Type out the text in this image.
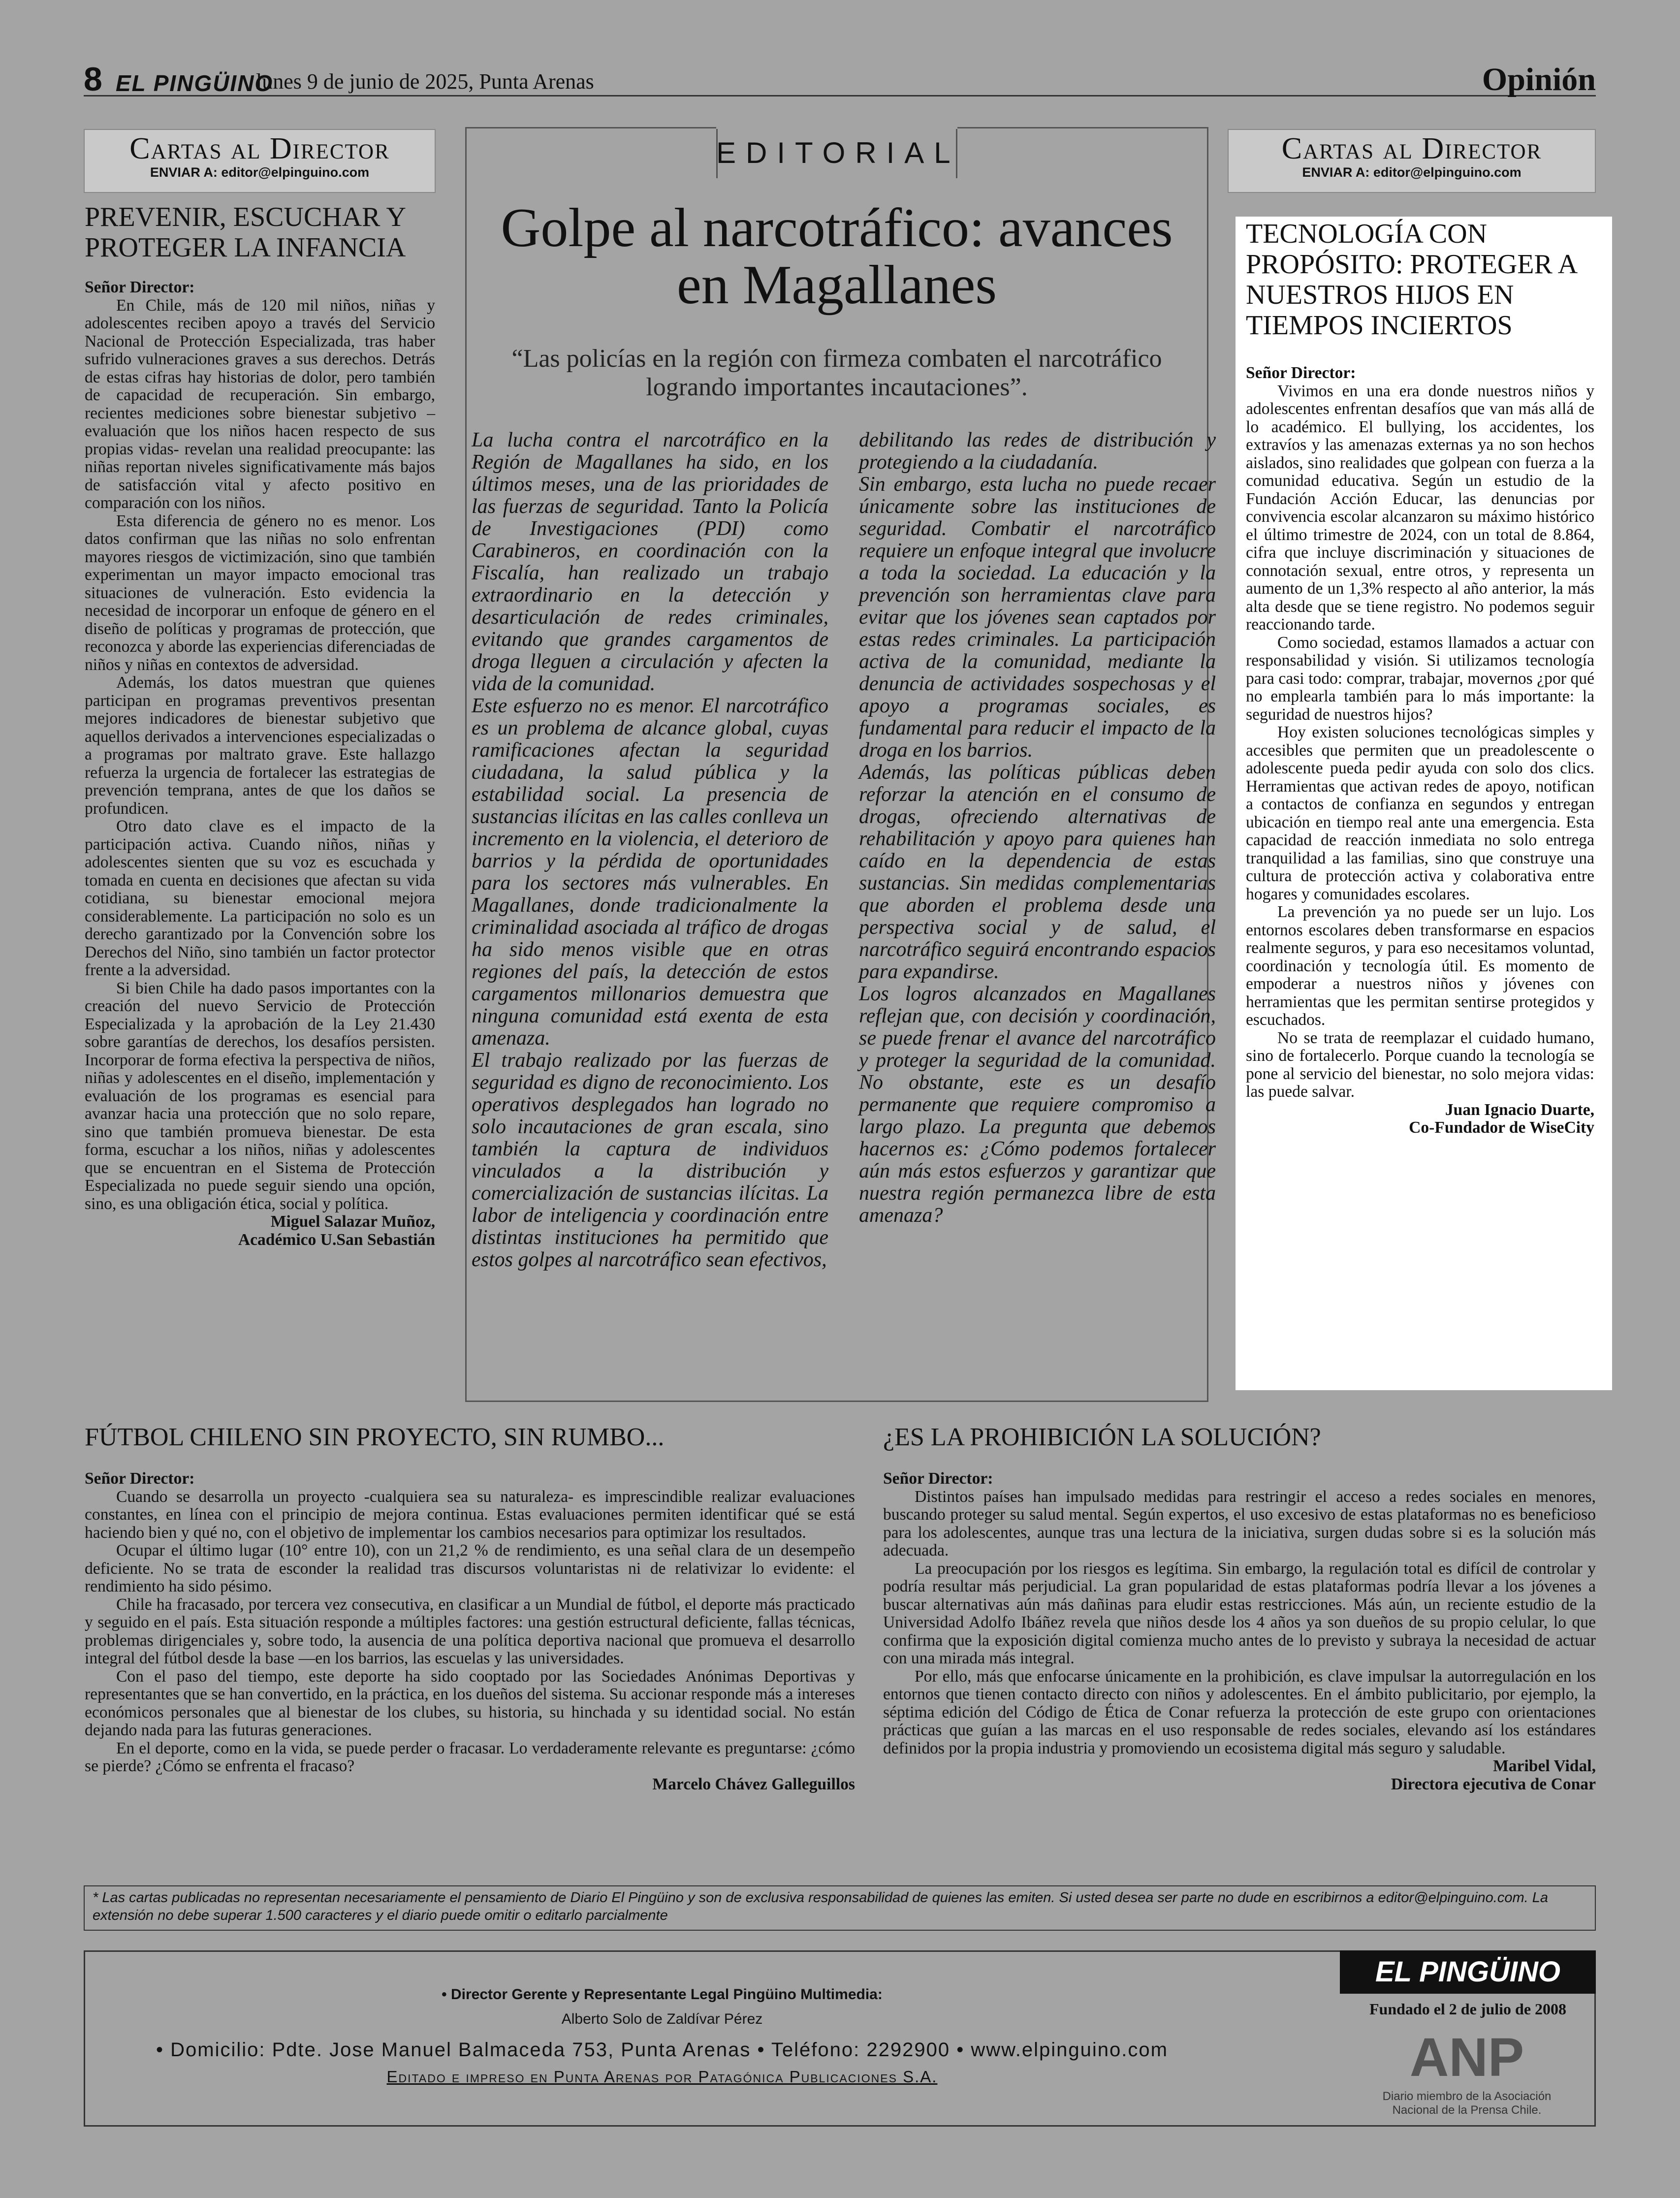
8 EL PINGÜINO
lunes 9 de junio de 2025, Punta Arenas	Opinión
Cartas al Director
ENVIAR A: editor@elpinguino.com
PREVENIR, ESCUCHAR Y PROTEGER LA INFANCIA

Señor Director:

En Chile, más de 120 mil niños, niñas y adolescentes reciben apoyo a través del Servicio Nacional de Protección Especializada, tras haber sufrido vulneraciones graves a sus derechos. Detrás de estas cifras hay historias de dolor, pero también de capacidad de recuperación. Sin embargo, recientes mediciones sobre bienestar subjetivo – evaluación que los niños hacen respecto de sus propias vidas- revelan una realidad preocupante: las niñas reportan niveles significativamente más bajos de satisfacción vital y afecto positivo en comparación con los niños.

Esta diferencia de género no es menor. Los datos confirman que las niñas no solo enfrentan mayores riesgos de victimización, sino que también experimentan un mayor impacto emocional tras situaciones de vulneración. Esto evidencia la necesidad de incorporar un enfoque de género en el diseño de políticas y programas de protección, que reconozca y aborde las experiencias diferenciadas de niños y niñas en contextos de adversidad.

Además, los datos muestran que quienes participan en programas preventivos presentan mejores indicadores de bienestar subjetivo que aquellos derivados a intervenciones especializadas o a programas por maltrato grave. Este hallazgo refuerza la urgencia de fortalecer las estrategias de prevención temprana, antes de que los daños se profundicen.

Otro dato clave es el impacto de la participación activa. Cuando niños, niñas y adolescentes sienten que su voz es escuchada y tomada en cuenta en decisiones que afectan su vida cotidiana, su bienestar emocional mejora considerablemente. La participación no solo es un derecho garantizado por la Convención sobre los Derechos del Niño, sino también un factor protector frente a la adversidad.

Si bien Chile ha dado pasos importantes con la creación del nuevo Servicio de Protección Especializada y la aprobación de la Ley 21.430 sobre garantías de derechos, los desafíos persisten. Incorporar de forma efectiva la perspectiva de niños, niñas y adolescentes en el diseño, implementación y evaluación de los programas es esencial para avanzar hacia una protección que no solo repare, sino que también promueva bienestar. De esta forma, escuchar a los niños, niñas y adolescentes que se encuentran en el Sistema de Protección Especializada no puede seguir siendo una opción, sino, es una obligación ética, social y política.

Miguel Salazar Muñoz,

Académico U.San Sebastián

EDITORIAL
Golpe al narcotráfico: avances en Magallanes
“Las policías en la región con firmeza combaten el narcotráfico logrando importantes incautaciones”.

La lucha contra el narcotráfico en la Región de Magallanes ha sido, en los últimos meses, una de las prioridades de las fuerzas de seguridad. Tanto la Policía de Investigaciones (PDI) como Carabineros, en coordinación con la Fiscalía, han realizado un trabajo extraordinario en la detección y desarticulación de redes criminales, evitando que grandes cargamentos de droga lleguen a circulación y afecten la vida de la comunidad.

Este esfuerzo no es menor. El narcotráfico es un problema de alcance global, cuyas ramificaciones afectan la seguridad ciudadana, la salud pública y la estabilidad social. La presencia de sustancias ilícitas en las calles conlleva un incremento en la violencia, el deterioro de barrios y la pérdida de oportunidades para los sectores más vulnerables. En Magallanes, donde tradicionalmente la criminalidad asociada al tráfico de drogas ha sido menos visible que en otras regiones del país, la detección de estos cargamentos millonarios demuestra que ninguna comunidad está exenta de esta amenaza.

El trabajo realizado por las fuerzas de seguridad es digno de reconocimiento. Los operativos desplegados han logrado no solo incautaciones de gran escala, sino también la captura de individuos vinculados a la distribución y comercialización de sustancias ilícitas. La labor de inteligencia y coordinación entre distintas instituciones ha permitido que estos golpes al narcotráfico sean efectivos,

debilitando las redes de distribución y protegiendo a la ciudadanía.

Sin embargo, esta lucha no puede recaer únicamente sobre las instituciones de seguridad. Combatir el narcotráfico requiere un enfoque integral que involucre a toda la sociedad. La educación y la prevención son herramientas clave para evitar que los jóvenes sean captados por estas redes criminales. La participación activa de la comunidad, mediante la denuncia de actividades sospechosas y el apoyo a programas sociales, es fundamental para reducir el impacto de la droga en los barrios.

Además, las políticas públicas deben reforzar la atención en el consumo de drogas, ofreciendo alternativas de rehabilitación y apoyo para quienes han caído en la dependencia de estas sustancias. Sin medidas complementarias que aborden el problema desde una perspectiva social y de salud, el narcotráfico seguirá encontrando espacios para expandirse.

Los logros alcanzados en Magallanes reflejan que, con decisión y coordinación, se puede frenar el avance del narcotráfico y proteger la seguridad de la comunidad. No obstante, este es un desafío permanente que requiere compromiso a largo plazo. La pregunta que debemos hacernos es: ¿Cómo podemos fortalecer aún más estos esfuerzos y garantizar que nuestra región permanezca libre de esta amenaza?

Cartas al Director
ENVIAR A: editor@elpinguino.com
TECNOLOGÍA CON PROPÓSITO: PROTEGER A NUESTROS HIJOS EN TIEMPOS INCIERTOS

Señor Director:

Vivimos en una era donde nuestros niños y adolescentes enfrentan desafíos que van más allá de lo académico. El bullying, los accidentes, los extravíos y las amenazas externas ya no son hechos aislados, sino realidades que golpean con fuerza a la comunidad educativa. Según un estudio de la Fundación Acción Educar, las denuncias por convivencia escolar alcanzaron su máximo histórico el último trimestre de 2024, con un total de 8.864, cifra que incluye discriminación y situaciones de connotación sexual, entre otros, y representa un aumento de un 1,3% respecto al año anterior, la más alta desde que se tiene registro. No podemos seguir reaccionando tarde.

Como sociedad, estamos llamados a actuar con responsabilidad y visión. Si utilizamos tecnología para casi todo: comprar, trabajar, movernos ¿por qué no emplearla también para lo más importante: la seguridad de nuestros hijos?

Hoy existen soluciones tecnológicas simples y accesibles que permiten que un preadolescente o adolescente pueda pedir ayuda con solo dos clics. Herramientas que activan redes de apoyo, notifican a contactos de confianza en segundos y entregan ubicación en tiempo real ante una emergencia. Esta capacidad de reacción inmediata no solo entrega tranquilidad a las familias, sino que construye una cultura de protección activa y colaborativa entre hogares y comunidades escolares.

La prevención ya no puede ser un lujo. Los entornos escolares deben transformarse en espacios realmente seguros, y para eso necesitamos voluntad, coordinación y tecnología útil. Es momento de empoderar a nuestros niños y jóvenes con herramientas que les permitan sentirse protegidos y escuchados.

No se trata de reemplazar el cuidado humano, sino de fortalecerlo. Porque cuando la tecnología se pone al servicio del bienestar, no solo mejora vidas: las puede salvar.

Juan Ignacio Duarte,

Co-Fundador de WiseCity

FÚTBOL CHILENO SIN PROYECTO, SIN RUMBO...

Señor Director:

Cuando se desarrolla un proyecto -cualquiera sea su naturaleza- es imprescindible realizar evaluaciones constantes, en línea con el principio de mejora continua. Estas evaluaciones permiten identificar qué se está haciendo bien y qué no, con el objetivo de implementar los cambios necesarios para optimizar los resultados.

Ocupar el último lugar (10° entre 10), con un 21,2 % de rendimiento, es una señal clara de un desempeño deficiente. No se trata de esconder la realidad tras discursos voluntaristas ni de relativizar lo evidente: el rendimiento ha sido pésimo.

Chile ha fracasado, por tercera vez consecutiva, en clasificar a un Mundial de fútbol, el deporte más practicado y seguido en el país. Esta situación responde a múltiples factores: una gestión estructural deficiente, fallas técnicas, problemas dirigenciales y, sobre todo, la ausencia de una política deportiva nacional que promueva el desarrollo integral del fútbol desde la base —en los barrios, las escuelas y las universidades.

Con el paso del tiempo, este deporte ha sido cooptado por las Sociedades Anónimas Deportivas y representantes que se han convertido, en la práctica, en los dueños del sistema. Su accionar responde más a intereses económicos personales que al bienestar de los clubes, su historia, su hinchada y su identidad social. No están dejando nada para las futuras generaciones.

En el deporte, como en la vida, se puede perder o fracasar. Lo verdaderamente relevante es preguntarse: ¿cómo se pierde? ¿Cómo se enfrenta el fracaso?

Marcelo Chávez Galleguillos

¿ES LA PROHIBICIÓN LA SOLUCIÓN?

Señor Director:

Distintos países han impulsado medidas para restringir el acceso a redes sociales en menores, buscando proteger su salud mental. Según expertos, el uso excesivo de estas plataformas no es beneficioso para los adolescentes, aunque tras una lectura de la iniciativa, surgen dudas sobre si es la solución más adecuada.

La preocupación por los riesgos es legítima. Sin embargo, la regulación total es difícil de controlar y podría resultar más perjudicial. La gran popularidad de estas plataformas podría llevar a los jóvenes a buscar alternativas aún más dañinas para eludir estas restricciones. Más aún, un reciente estudio de la Universidad Adolfo Ibáñez revela que niños desde los 4 años ya son dueños de su propio celular, lo que confirma que la exposición digital comienza mucho antes de lo previsto y subraya la necesidad de actuar con una mirada más integral.

Por ello, más que enfocarse únicamente en la prohibición, es clave impulsar la autorregulación en los entornos que tienen contacto directo con niños y adolescentes. En el ámbito publicitario, por ejemplo, la séptima edición del Código de Ética de Conar refuerza la protección de este grupo con orientaciones prácticas que guían a las marcas en el uso responsable de redes sociales, elevando así los estándares definidos por la propia industria y promoviendo un ecosistema digital más seguro y saludable.

Maribel Vidal,

Directora ejecutiva de Conar

* Las cartas publicadas no representan necesariamente el pensamiento de Diario El Pingüino y son de exclusiva responsabilidad de quienes las emiten. Si usted desea ser parte no dude en escribirnos a editor@elpinguino.com. La extensión no debe superar 1.500 caracteres y el diario puede omitir o editarlo parcialmente
• Director Gerente y Representante Legal Pingüino Multimedia:
Alberto Solo de Zaldívar Pérez
• Domicilio: Pdte. Jose Manuel Balmaceda 753, Punta Arenas • Teléfono: 2292900 • www.elpinguino.com
Editado e impreso en Punta Arenas por Patagónica Publicaciones S.A.
EL PINGÜINO
Fundado el 2 de julio de 2008
ANP
Diario miembro de la Asociación
Nacional de la Prensa Chile.
